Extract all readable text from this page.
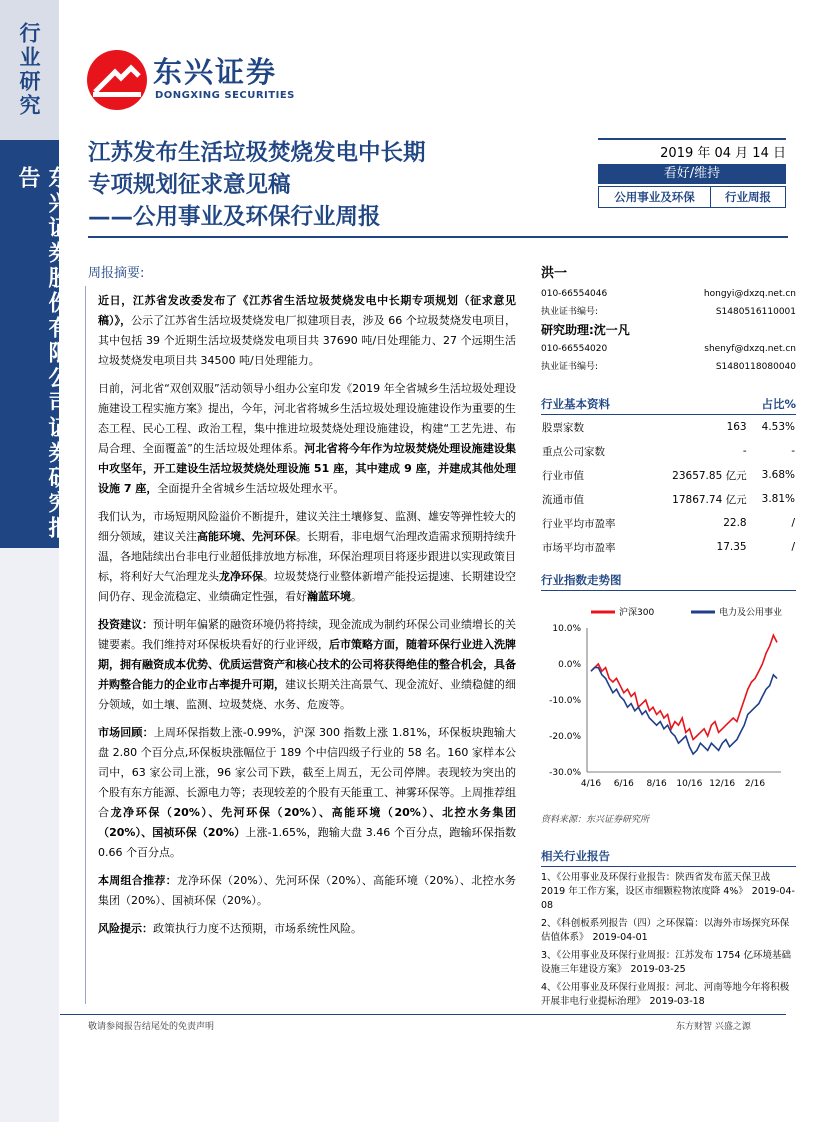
行业研究
东兴证券股份有限公司证券研究报告
东兴证券
DONGXING SECURITIES
江苏发布生活垃圾焚烧发电中长期
专项规划征求意见稿
——公用事业及环保行业周报
2019 年 04 月 14 日
看好/维持
公用事业及环保	行业周报
周报摘要:

近日，江苏省发改委发布了《江苏省生活垃圾焚烧发电中长期专项规划（征求意见稿）》，公示了江苏省生活垃圾焚烧发电厂拟建项目表，涉及 66 个垃圾焚烧发电项目，其中包括 39 个近期生活垃圾焚烧发电项目共 37690 吨/日处理能力、27 个远期生活垃圾焚烧发电项目共 34500 吨/日处理能力。

日前，河北省“双创双服”活动领导小组办公室印发《2019 年全省城乡生活垃圾处理设施建设工程实施方案》提出，今年，河北省将城乡生活垃圾处理设施建设作为重要的生态工程、民心工程、政治工程，集中推进垃圾焚烧处理设施建设，构建“工艺先进、布局合理、全面覆盖”的生活垃圾处理体系。河北省将今年作为垃圾焚烧处理设施建设集中攻坚年，开工建设生活垃圾焚烧处理设施 51 座，其中建成 9 座，并建成其他处理设施 7 座，全面提升全省城乡生活垃圾处理水平。

我们认为，市场短期风险溢价不断提升，建议关注土壤修复、监测、雄安等弹性较大的细分领域，建议关注高能环境、先河环保。长期看，非电烟气治理改造需求预期持续升温，各地陆续出台非电行业超低排放地方标准，环保治理项目将逐步跟进以实现政策目标，将利好大气治理龙头龙净环保。垃圾焚烧行业整体新增产能投运提速、长期建设空间仍存、现金流稳定、业绩确定性强，看好瀚蓝环境。

投资建议：预计明年偏紧的融资环境仍将持续，现金流成为制约环保公司业绩增长的关键要素。我们维持对环保板块看好的行业评级，后市策略方面，随着环保行业进入洗牌期，拥有融资成本优势、优质运营资产和核心技术的公司将获得绝佳的整合机会，具备并购整合能力的企业市占率提升可期，建议长期关注高景气、现金流好、业绩稳健的细分领域，如土壤、监测、垃圾焚烧、水务、危废等。

市场回顾：上周环保指数上涨-0.99%，沪深 300 指数上涨 1.81%，环保板块跑输大盘 2.80 个百分点,环保板块涨幅位于 189 个中信四级子行业的 58 名。160 家样本公司中，63 家公司上涨，96 家公司下跌，截至上周五，无公司停牌。表现较为突出的个股有东方能源、长源电力等；表现较差的个股有天能重工、神雾环保等。上周推荐组合龙净环保（20%）、先河环保（20%）、高能环境（20%）、北控水务集团（20%）、国祯环保（20%）上涨-1.65%，跑输大盘 3.46 个百分点，跑输环保指数 0.66 个百分点。

本周组合推荐：龙净环保（20%）、先河环保（20%）、高能环境（20%）、北控水务集团（20%）、国祯环保（20%）。

风险提示：政策执行力度不达预期，市场系统性风险。

洪一
010-66554046	hongyi@dxzq.net.cn
执业证书编号:	S1480516110001
研究助理:沈一凡
010-66554020	shenyf@dxzq.net.cn
执业证书编号:	S1480118080040
行业基本资料	占比%
股票家数	163	4.53%
重点公司家数	-	-
行业市值	23657.85 亿元	3.68%
流通市值	17867.74 亿元	3.81%
行业平均市盈率	22.8	/
市场平均市盈率	17.35	/
行业指数走势图
沪深300	电力及公用事业
10.0%
0.0%
-10.0%
-20.0%
-30.0%
4/16 6/16 8/16 10/16 12/16 2/16
资料来源：东兴证券研究所
相关行业报告
1、《公用事业及环保行业报告：陕西省发布蓝天保卫战 2019 年工作方案，设区市细颗粒物浓度降 4%》 2019-04-08
2、《科创板系列报告（四）之环保篇：以海外市场探究环保估值体系》 2019-04-01
3、《公用事业及环保行业周报：江苏发布 1754 亿环境基础设施三年建设方案》 2019-03-25
4、《公用事业及环保行业周报：河北、河南等地今年将积极开展非电行业提标治理》 2019-03-18
敬请参阅报告结尾处的免责声明	东方财智 兴盛之源
